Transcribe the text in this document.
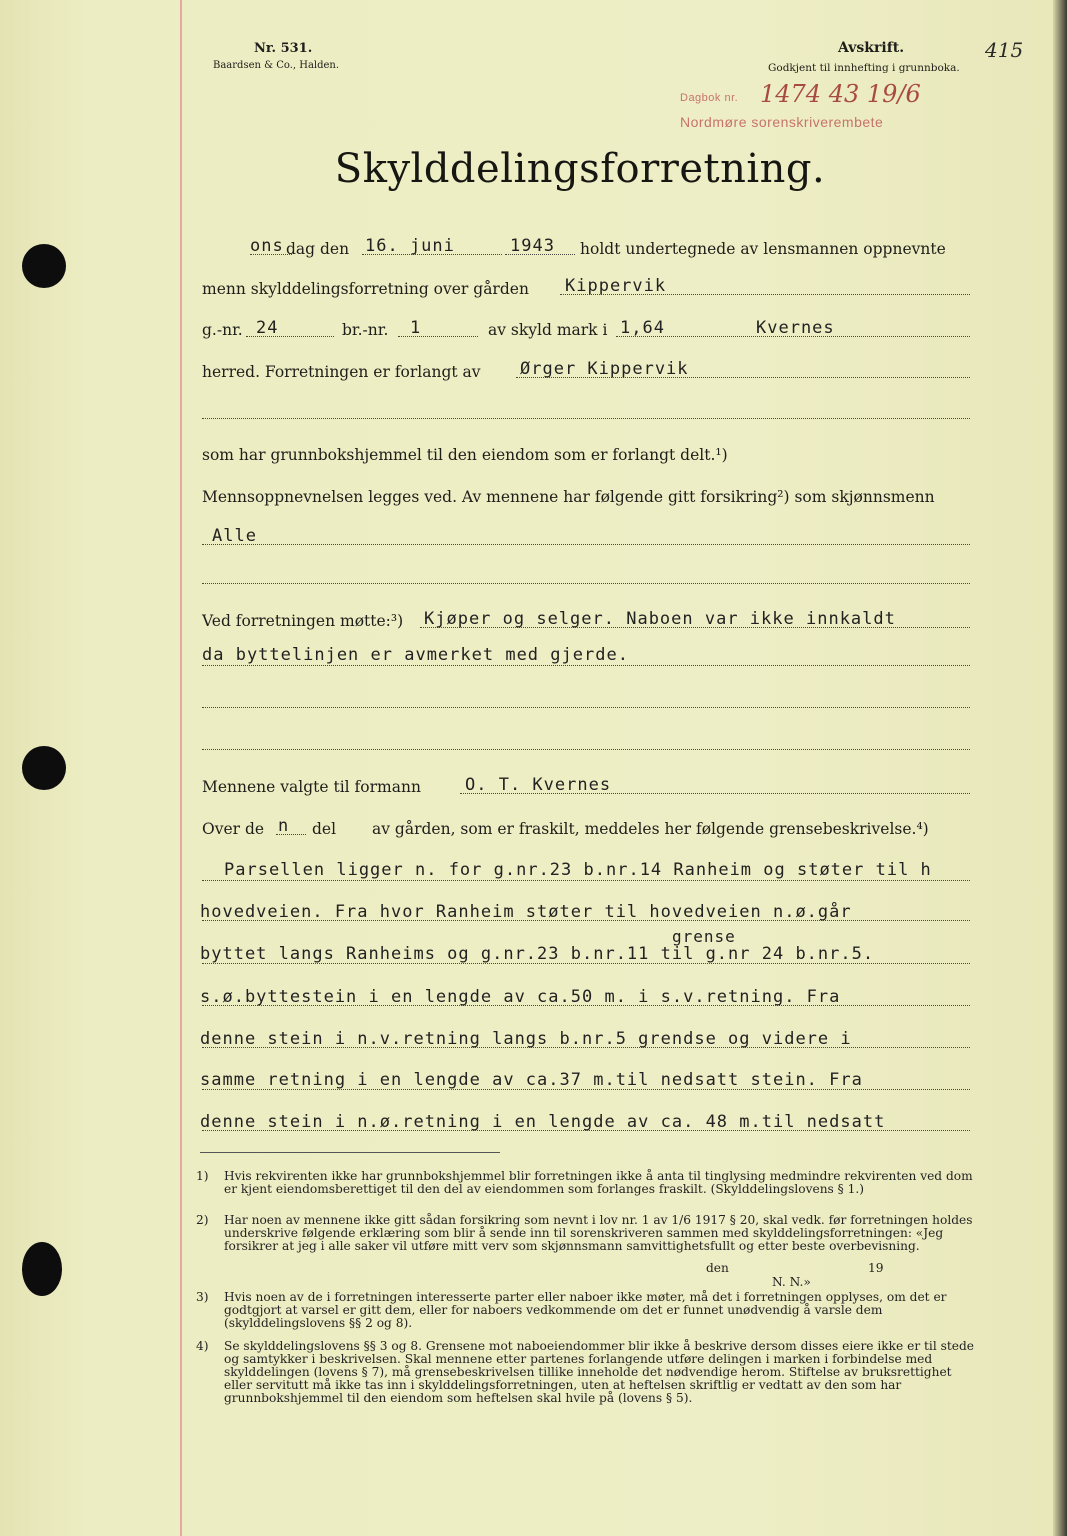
Nr. 531.
Baardsen & Co., Halden.
Avskrift.
Godkjent til innhefting i grunnboka.
415
Dagbok nr. 1474 43 19/6
Nordmøre sorenskriverembete
Skylddelingsforretning.
ons dag den 16. juni	1943 holdt undertegnede av lensmannen oppnevnte
menn skylddelingsforretning over gården Kippervik
g.-nr. 24	br.-nr. 1	av skyld mark i 1,64	Kvernes
herred. Forretningen er forlangt av Ørger Kippervik
som har grunnbokshjemmel til den eiendom som er forlangt delt.¹)
Mennsoppnevnelsen legges ved. Av mennene har følgende gitt forsikring²) som skjønnsmenn
Alle
Ved forretningen møtte:³) Kjøper og selger. Naboen var ikke innkaldt
da byttelinjen er avmerket med gjerde.
Mennene valgte til formann	O. T. Kvernes
Over de n del av gården, som er fraskilt, meddeles her følgende grensebeskrivelse.⁴)
Parsellen ligger n. for g.nr.23 b.nr.14 Ranheim og støter til h
hovedveien. Fra hvor Ranheim støter til hovedveien n.ø.går
grense
byttet langs Ranheims og g.nr.23 b.nr.11 til g.nr 24 b.nr.5.
s.ø.byttestein i en lengde av ca.50 m. i s.v.retning. Fra
denne stein i n.v.retning langs b.nr.5 grendse og videre i
samme retning i en lengde av ca.37 m.til nedsatt stein. Fra
denne stein i n.ø.retning i en lengde av ca. 48 m.til nedsatt
1) Hvis rekvirenten ikke har grunnbokshjemmel blir forretningen ikke å anta til tinglysing medmindre rekvirenten ved dom er kjent eiendomsberettiget til den del av eiendommen som forlanges fraskilt. (Skylddelingslovens § 1.)
2) Har noen av mennene ikke gitt sådan forsikring som nevnt i lov nr. 1 av 1/6 1917 § 20, skal vedk. før forretningen holdes underskrive følgende erklæring som blir å sende inn til sorenskriveren sammen med skylddelingsforretningen: «Jeg forsikrer at jeg i alle saker vil utføre mitt verv som skjønnsmann samvittighetsfullt og etter beste overbevisning.
den	19
N. N.»
3) Hvis noen av de i forretningen interesserte parter eller naboer ikke møter, må det i forretningen opplyses, om det er godtgjort at varsel er gitt dem, eller for naboers vedkommende om det er funnet unødvendig å varsle dem (skylddelingslovens §§ 2 og 8).
4) Se skylddelingslovens §§ 3 og 8. Grensene mot naboeiendommer blir ikke å beskrive dersom disses eiere ikke er til stede og samtykker i beskrivelsen. Skal mennene etter partenes forlangende utføre delingen i marken i forbindelse med skylddelingen (lovens § 7), må grensebeskrivelsen tillike inneholde det nødvendige herom. Stiftelse av bruksrettighet eller servitutt må ikke tas inn i skylddelingsforretningen, uten at heftelsen skriftlig er vedtatt av den som har grunnbokshjemmel til den eiendom som heftelsen skal hvile på (lovens § 5).
